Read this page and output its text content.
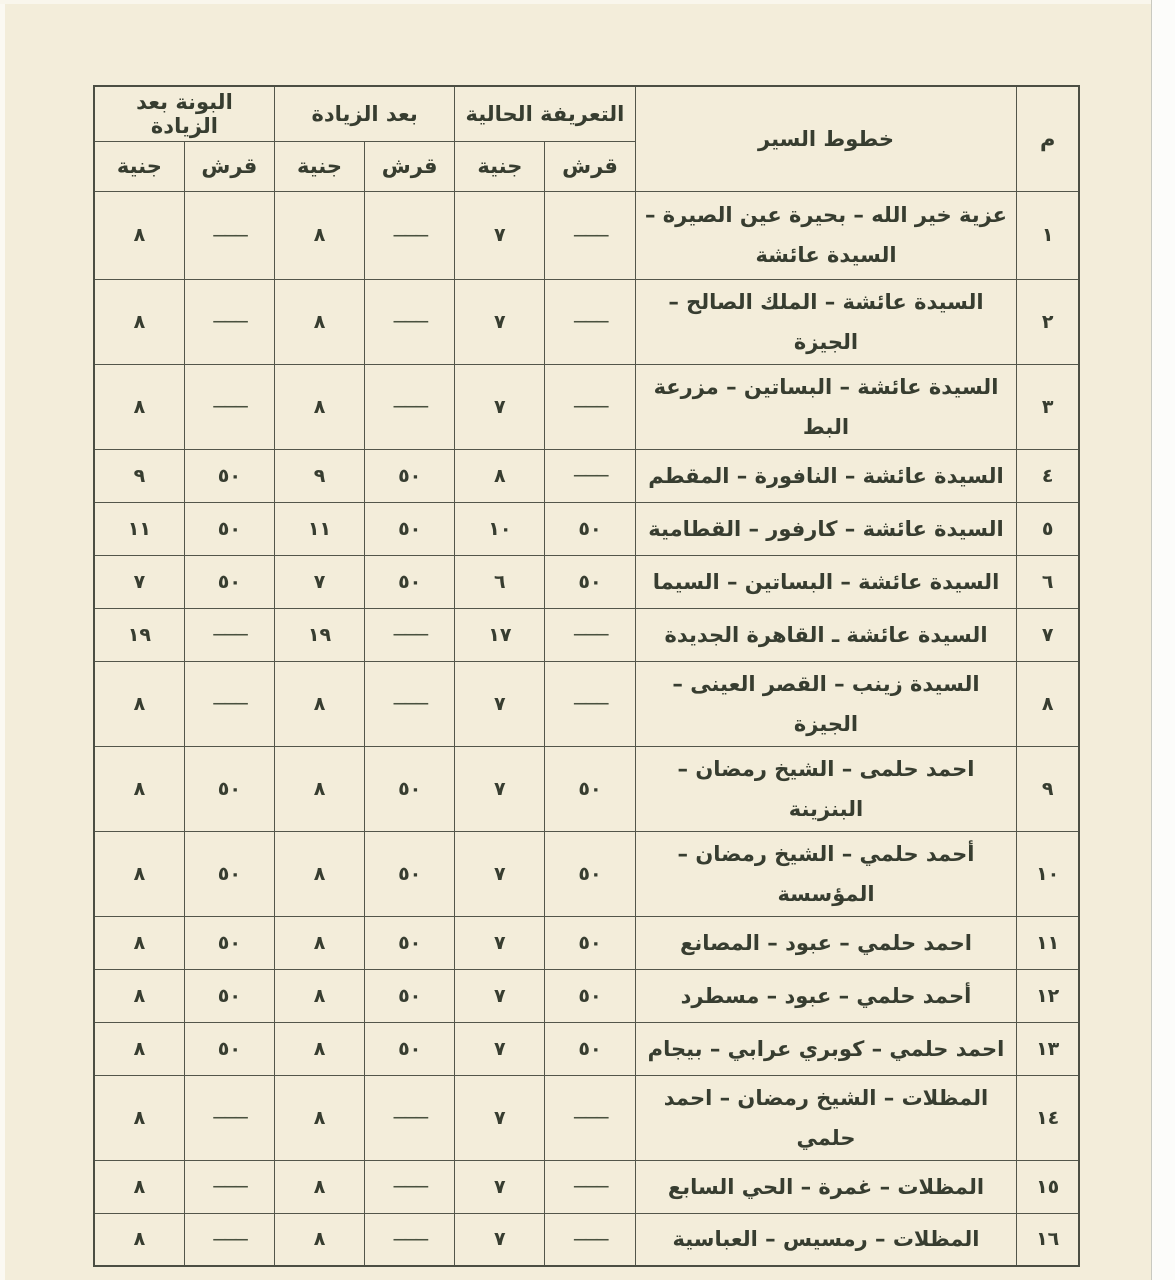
م	خطوط السير	التعريفة الحالية		بعد الزيادة		البونة بعد الزيادة	
		قرش	جنية	قرش	جنية	قرش	جنية
١	عزية خير الله – بحيرة عين الصيرة – السيدة عائشة	———	٧	———	٨	———	٨
٢	السيدة عائشة – الملك الصالح – الجيزة	———	٧	———	٨	———	٨
٣	السيدة عائشة – البساتين – مزرعة البط	———	٧	———	٨	———	٨
٤	السيدة عائشة – النافورة – المقطم	———	٨	٥٠	٩	٥٠	٩
٥	السيدة عائشة – كارفور – القطامية	٥٠	١٠	٥٠	١١	٥٠	١١
٦	السيدة عائشة – البساتين – السيما	٥٠	٦	٥٠	٧	٥٠	٧
٧	السيدة عائشة ـ القاهرة الجديدة	———	١٧	———	١٩	———	١٩
٨	السيدة زينب – القصر العينى – الجيزة	———	٧	———	٨	———	٨
٩	احمد حلمى – الشيخ رمضان – البنزينة	٥٠	٧	٥٠	٨	٥٠	٨
١٠	أحمد حلمي – الشيخ رمضان – المؤسسة	٥٠	٧	٥٠	٨	٥٠	٨
١١	احمد حلمي – عبود – المصانع	٥٠	٧	٥٠	٨	٥٠	٨
١٢	أحمد حلمي – عبود – مسطرد	٥٠	٧	٥٠	٨	٥٠	٨
١٣	احمد حلمي – كوبري عرابي – بيجام	٥٠	٧	٥٠	٨	٥٠	٨
١٤	المظلات – الشيخ رمضان – احمد حلمي	———	٧	———	٨	———	٨
١٥	المظلات – غمرة – الحي السابع	———	٧	———	٨	———	٨
١٦	المظلات – رمسيس – العباسية	———	٧	———	٨	———	٨
